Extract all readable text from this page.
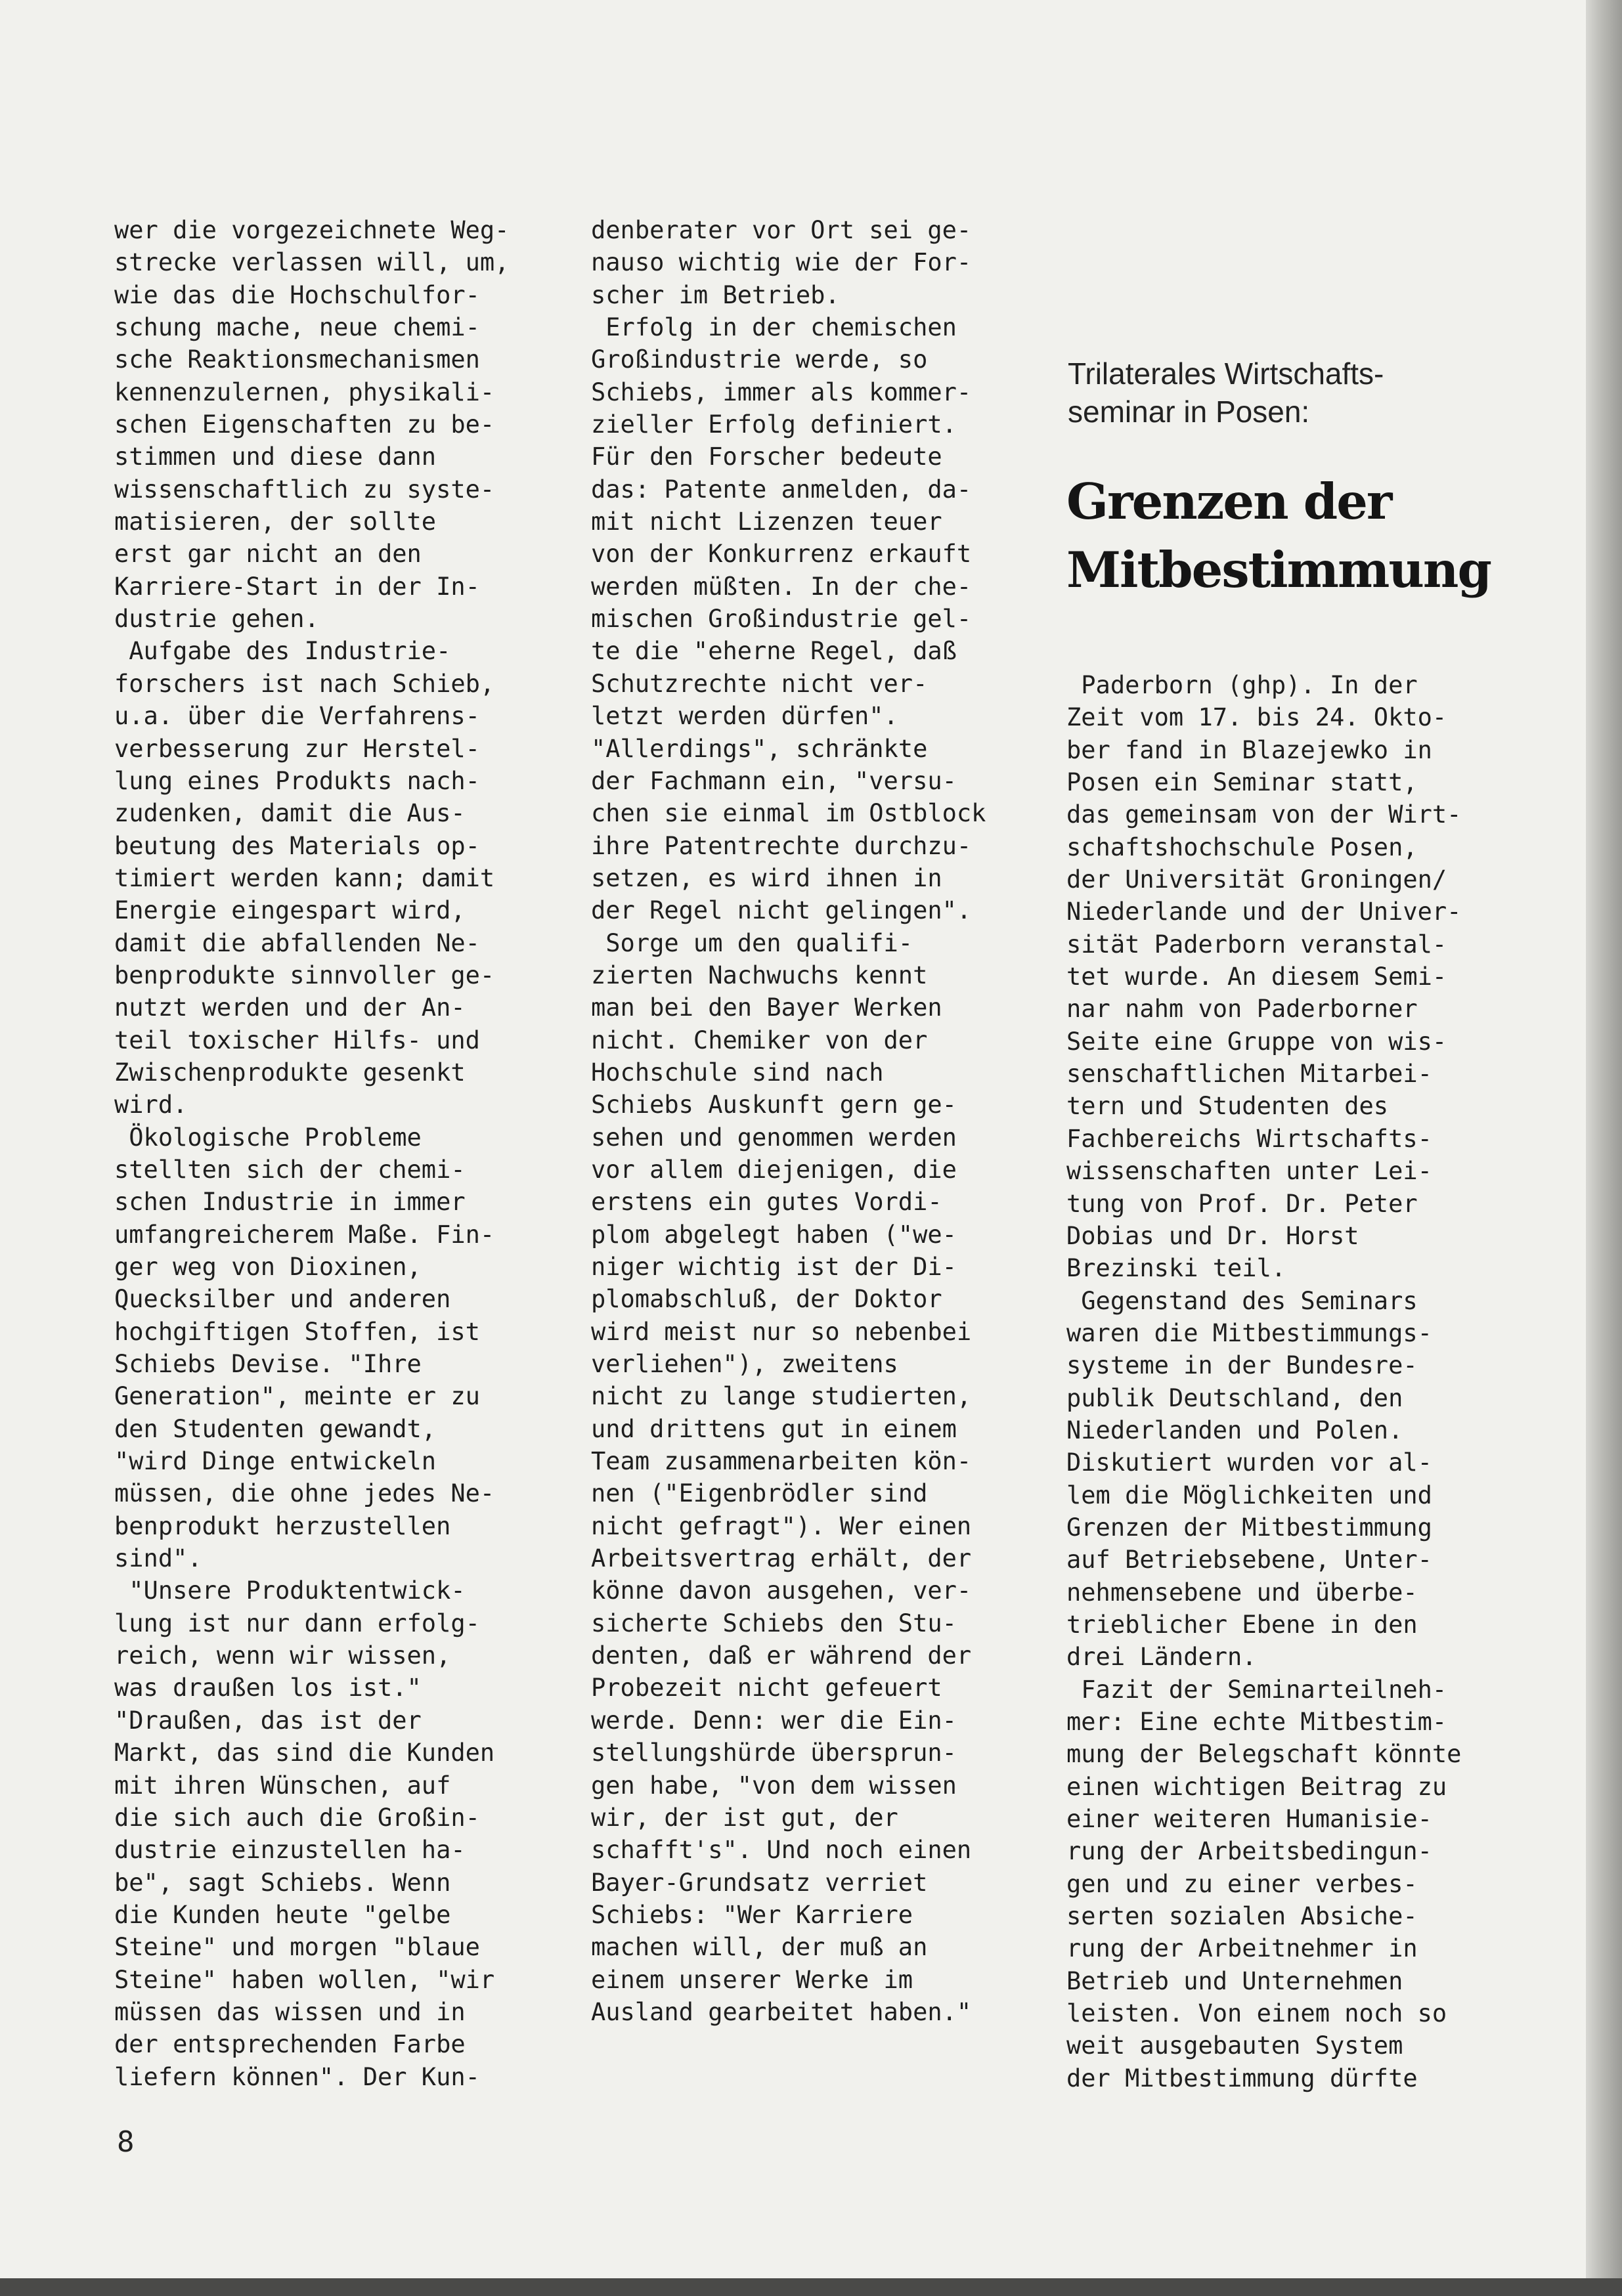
wer die vorgezeichnete Weg-
strecke verlassen will, um,
wie das die Hochschulfor-
schung mache, neue chemi-
sche Reaktionsmechanismen
kennenzulernen, physikali-
schen Eigenschaften zu be-
stimmen und diese dann
wissenschaftlich zu syste-
matisieren, der sollte
erst gar nicht an den
Karriere-Start in der In-
dustrie gehen.
Aufgabe des Industrie-
forschers ist nach Schieb,
u.a. über die Verfahrens-
verbesserung zur Herstel-
lung eines Produkts nach-
zudenken, damit die Aus-
beutung des Materials op-
timiert werden kann; damit
Energie eingespart wird,
damit die abfallenden Ne-
benprodukte sinnvoller ge-
nutzt werden und der An-
teil toxischer Hilfs- und
Zwischenprodukte gesenkt
wird.
Ökologische Probleme
stellten sich der chemi-
schen Industrie in immer
umfangreicherem Maße. Fin-
ger weg von Dioxinen,
Quecksilber und anderen
hochgiftigen Stoffen, ist
Schiebs Devise. "Ihre
Generation", meinte er zu
den Studenten gewandt,
"wird Dinge entwickeln
müssen, die ohne jedes Ne-
benprodukt herzustellen
sind".
"Unsere Produktentwick-
lung ist nur dann erfolg-
reich, wenn wir wissen,
was draußen los ist."
"Draußen, das ist der
Markt, das sind die Kunden
mit ihren Wünschen, auf
die sich auch die Großin-
dustrie einzustellen ha-
be", sagt Schiebs. Wenn
die Kunden heute "gelbe
Steine" und morgen "blaue
Steine" haben wollen, "wir
müssen das wissen und in
der entsprechenden Farbe
liefern können". Der Kun-

denberater vor Ort sei ge-
nauso wichtig wie der For-
scher im Betrieb.
Erfolg in der chemischen
Großindustrie werde, so
Schiebs, immer als kommer-
zieller Erfolg definiert.
Für den Forscher bedeute
das: Patente anmelden, da-
mit nicht Lizenzen teuer
von der Konkurrenz erkauft
werden müßten. In der che-
mischen Großindustrie gel-
te die "eherne Regel, daß
Schutzrechte nicht ver-
letzt werden dürfen".
"Allerdings", schränkte
der Fachmann ein, "versu-
chen sie einmal im Ostblock
ihre Patentrechte durchzu-
setzen, es wird ihnen in
der Regel nicht gelingen".
Sorge um den qualifi-
zierten Nachwuchs kennt
man bei den Bayer Werken
nicht. Chemiker von der
Hochschule sind nach
Schiebs Auskunft gern ge-
sehen und genommen werden
vor allem diejenigen, die
erstens ein gutes Vordi-
plom abgelegt haben ("we-
niger wichtig ist der Di-
plomabschluß, der Doktor
wird meist nur so nebenbei
verliehen"), zweitens
nicht zu lange studierten,
und drittens gut in einem
Team zusammenarbeiten kön-
nen ("Eigenbrödler sind
nicht gefragt"). Wer einen
Arbeitsvertrag erhält, der
könne davon ausgehen, ver-
sicherte Schiebs den Stu-
denten, daß er während der
Probezeit nicht gefeuert
werde. Denn: wer die Ein-
stellungshürde übersprun-
gen habe, "von dem wissen
wir, der ist gut, der
schafft's". Und noch einen
Bayer-Grundsatz verriet
Schiebs: "Wer Karriere
machen will, der muß an
einem unserer Werke im
Ausland gearbeitet haben."

Trilaterales Wirtschafts-
seminar in Posen:

Grenzen der
Mitbestimmung

Paderborn (ghp). In der
Zeit vom 17. bis 24. Okto-
ber fand in Blazejewko in
Posen ein Seminar statt,
das gemeinsam von der Wirt-
schaftshochschule Posen,
der Universität Groningen/
Niederlande und der Univer-
sität Paderborn veranstal-
tet wurde. An diesem Semi-
nar nahm von Paderborner
Seite eine Gruppe von wis-
senschaftlichen Mitarbei-
tern und Studenten des
Fachbereichs Wirtschafts-
wissenschaften unter Lei-
tung von Prof. Dr. Peter
Dobias und Dr. Horst
Brezinski teil.
Gegenstand des Seminars
waren die Mitbestimmungs-
systeme in der Bundesre-
publik Deutschland, den
Niederlanden und Polen.
Diskutiert wurden vor al-
lem die Möglichkeiten und
Grenzen der Mitbestimmung
auf Betriebsebene, Unter-
nehmensebene und überbe-
trieblicher Ebene in den
drei Ländern.
Fazit der Seminarteilneh-
mer: Eine echte Mitbestim-
mung der Belegschaft könnte
einen wichtigen Beitrag zu
einer weiteren Humanisie-
rung der Arbeitsbedingun-
gen und zu einer verbes-
serten sozialen Absiche-
rung der Arbeitnehmer in
Betrieb und Unternehmen
leisten. Von einem noch so
weit ausgebauten System
der Mitbestimmung dürfte

8
